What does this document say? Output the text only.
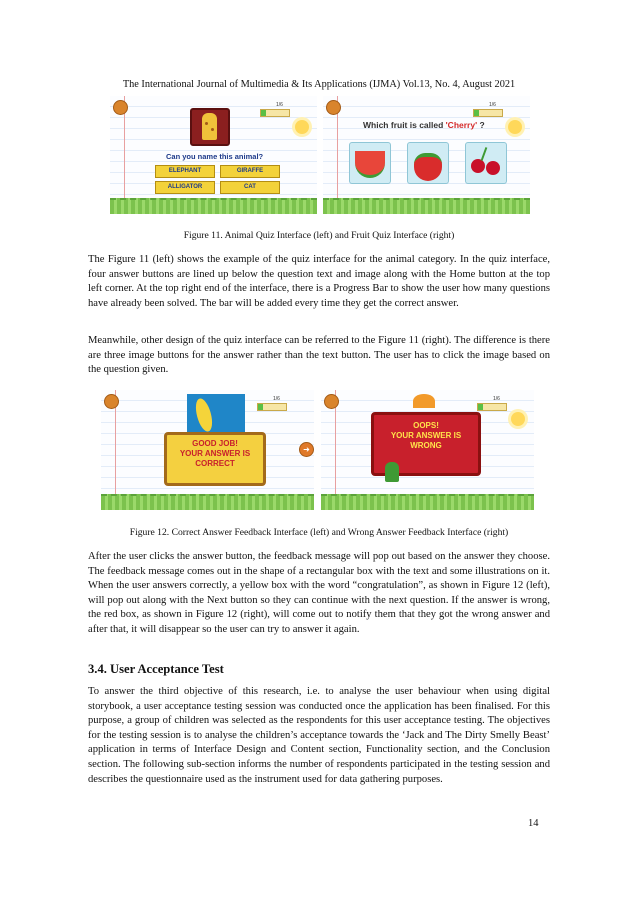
The International Journal of Multimedia & Its Applications (IJMA) Vol.13, No. 4, August 2021
1/6
Can you name this animal?
ELEPHANT	GIRAFFE
ALLIGATOR	CAT
1/6
Which fruit is called 'Cherry' ?
Figure 11. Animal Quiz Interface (left) and Fruit Quiz Interface (right)

The Figure 11 (left) shows the example of the quiz interface for the animal category. In the quiz interface, four answer buttons are lined up below the question text and image along with the Home button at the top left corner. At the top right end of the interface, there is a Progress Bar to show the user how many questions have already been solved. The bar will be added every time they get the correct answer.

Meanwhile, other design of the quiz interface can be referred to the Figure 11 (right). The difference is there are three image buttons for the answer rather than the text button. The user has to click the image based on the question given.

1/6
GOOD JOB!
YOUR ANSWER IS
CORRECT
➜
1/6
OOPS!
YOUR ANSWER IS
WRONG
Figure 12. Correct Answer Feedback Interface (left) and Wrong Answer Feedback Interface (right)

After the user clicks the answer button, the feedback message will pop out based on the answer they choose. The feedback message comes out in the shape of a rectangular box with the text and some illustrations on it. When the user answers correctly, a yellow box with the word “congratulation”, as shown in Figure 12 (left), will pop out along with the Next button so they can continue with the next question. If the answer is wrong, the red box, as shown in Figure 12 (right), will come out to notify them that they got the wrong answer and after that, it will disappear so the user can try to answer it again.

3.4. User Acceptance Test

To answer the third objective of this research, i.e. to analyse the user behaviour when using digital storybook, a user acceptance testing session was conducted once the application has been finalised. For this purpose, a group of children was selected as the respondents for this user acceptance testing. The objectives for the testing session is to analyse the children’s acceptance towards the ‘Jack and The Dirty Smelly Beast’ application in terms of Interface Design and Content section, Functionality section, and the Conclusion section. The following sub-section informs the number of respondents participated in the testing session and describes the questionnaire used as the instrument used for data gathering purposes.

14
